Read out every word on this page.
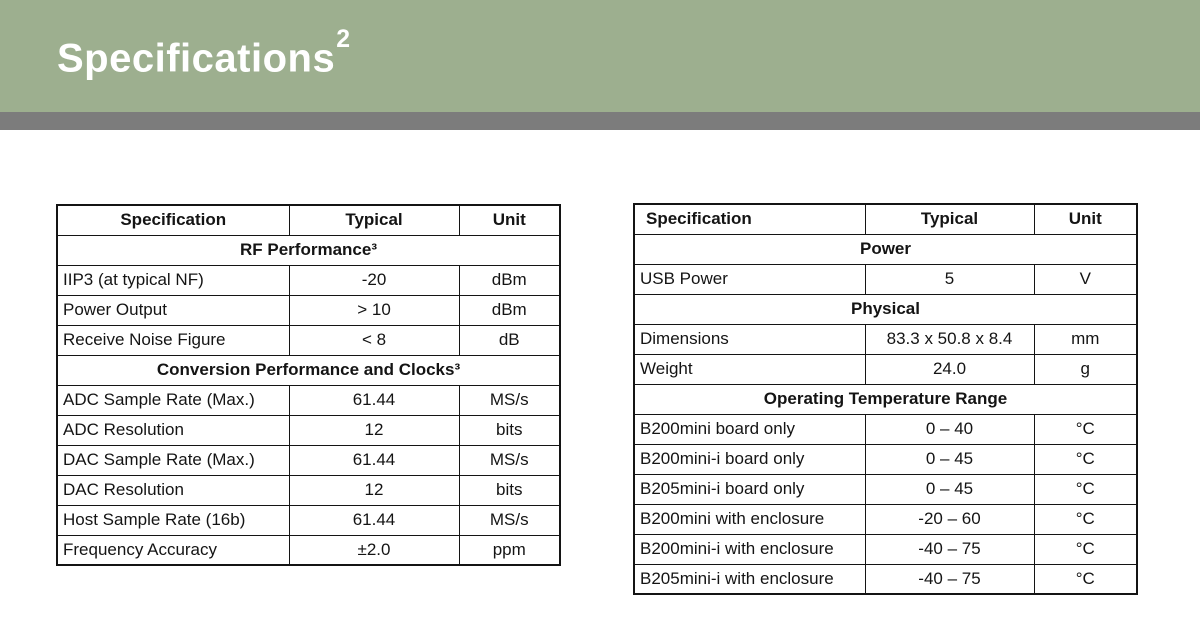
Specifications$^2$
Specification	Typical	Unit
RF Performance³		
IIP3 (at typical NF)	-20	dBm
Power Output	> 10	dBm
Receive Noise Figure	< 8	dB
Conversion Performance and Clocks³		
ADC Sample Rate (Max.)	61.44	MS/s
ADC Resolution	12	bits
DAC Sample Rate (Max.)	61.44	MS/s
DAC Resolution	12	bits
Host Sample Rate (16b)	61.44	MS/s
Frequency Accuracy	±2.0	ppm
Specification	Typical	Unit
Power		
USB Power	5	V
Physical		
Dimensions	83.3 x 50.8 x 8.4	mm
Weight	24.0	g
Operating Temperature Range		
B200mini board only	0 – 40	°C
B200mini-i board only	0 – 45	°C
B205mini-i board only	0 – 45	°C
B200mini with enclosure	-20 – 60	°C
B200mini-i with enclosure	-40 – 75	°C
B205mini-i with enclosure	-40 – 75	°C
